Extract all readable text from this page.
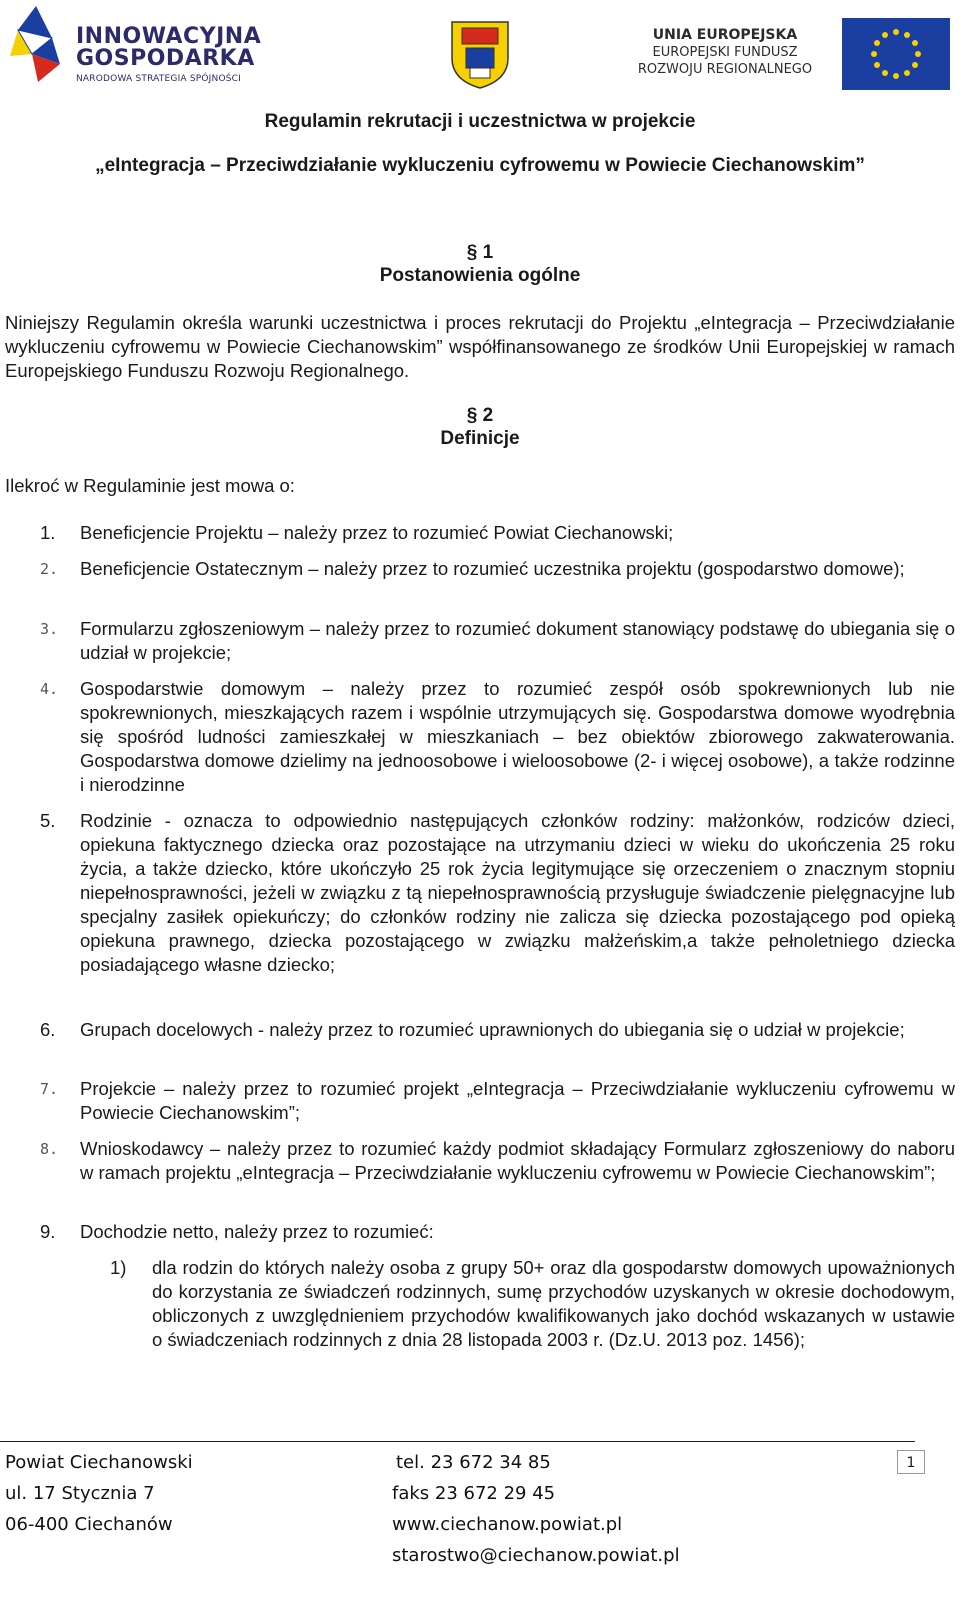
INNOWACYJNA
GOSPODARKA
NARODOWA STRATEGIA SPÓJNOŚCI
UNIA EUROPEJSKA
EUROPEJSKI FUNDUSZ
ROZWOJU REGIONALNEGO
Regulamin rekrutacji i uczestnictwa w projekcie
„eIntegracja – Przeciwdziałanie wykluczeniu cyfrowemu w Powiecie Ciechanowskim”
§ 1
Postanowienia ogólne
Niniejszy Regulamin określa warunki uczestnictwa i proces rekrutacji do Projektu „eIntegracja – Przeciwdziałanie wykluczeniu cyfrowemu w Powiecie Ciechanowskim” współfinansowanego ze środków Unii Europejskiej w ramach Europejskiego Funduszu Rozwoju Regionalnego.
§ 2
Definicje
Ilekroć w Regulaminie jest mowa o:
1.	Beneficjencie Projektu – należy przez to rozumieć Powiat Ciechanowski;
2.	Beneficjencie Ostatecznym – należy przez to rozumieć uczestnika projektu (gospodarstwo domowe);
3.	Formularzu zgłoszeniowym – należy przez to rozumieć dokument stanowiący podstawę do ubiegania się o udział w projekcie;
4.	Gospodarstwie domowym – należy przez to rozumieć zespół osób spokrewnionych lub nie spokrewnionych, mieszkających razem i wspólnie utrzymujących się. Gospodarstwa domowe wyodrębnia się spośród ludności zamieszkałej w mieszkaniach – bez obiektów zbiorowego zakwaterowania. Gospodarstwa domowe dzielimy na jednoosobowe i wieloosobowe (2- i więcej osobowe), a także rodzinne i nierodzinne
5.	Rodzinie - oznacza to odpowiednio następujących członków rodziny: małżonków, rodziców dzieci, opiekuna faktycznego dziecka oraz pozostające na utrzymaniu dzieci w wieku do ukończenia 25 roku życia, a także dziecko, które ukończyło 25 rok życia legitymujące się orzeczeniem o znacznym stopniu niepełnosprawności, jeżeli w związku z tą niepełnosprawnością przysługuje świadczenie pielęgnacyjne lub specjalny zasiłek opiekuńczy; do członków rodziny nie zalicza się dziecka pozostającego pod opieką opiekuna prawnego, dziecka pozostającego w związku małżeńskim,a także pełnoletniego dziecka posiadającego własne dziecko;
6.	Grupach docelowych - należy przez to rozumieć uprawnionych do ubiegania się o udział w projekcie;
7.	Projekcie – należy przez to rozumieć projekt „eIntegracja – Przeciwdziałanie wykluczeniu cyfrowemu w Powiecie Ciechanowskim”;
8.	Wnioskodawcy – należy przez to rozumieć każdy podmiot składający Formularz zgłoszeniowy do naboru w ramach projektu „eIntegracja – Przeciwdziałanie wykluczeniu cyfrowemu w Powiecie Ciechanowskim”;
9.	Dochodzie netto, należy przez to rozumieć:
1)	dla rodzin do których należy osoba z grupy 50+ oraz dla gospodarstw domowych upoważnionych do korzystania ze świadczeń rodzinnych, sumę przychodów uzyskanych w okresie dochodowym, obliczonych z uwzględnieniem przychodów kwalifikowanych jako dochód wskazanych w ustawie o świadczeniach rodzinnych z dnia 28 listopada 2003 r. (Dz.U. 2013 poz. 1456);
Powiat Ciechanowski
ul. 17 Stycznia 7
06-400 Ciechanów
tel. 23 672 34 85
faks 23 672 29 45
www.ciechanow.powiat.pl
starostwo@ciechanow.powiat.pl
1
